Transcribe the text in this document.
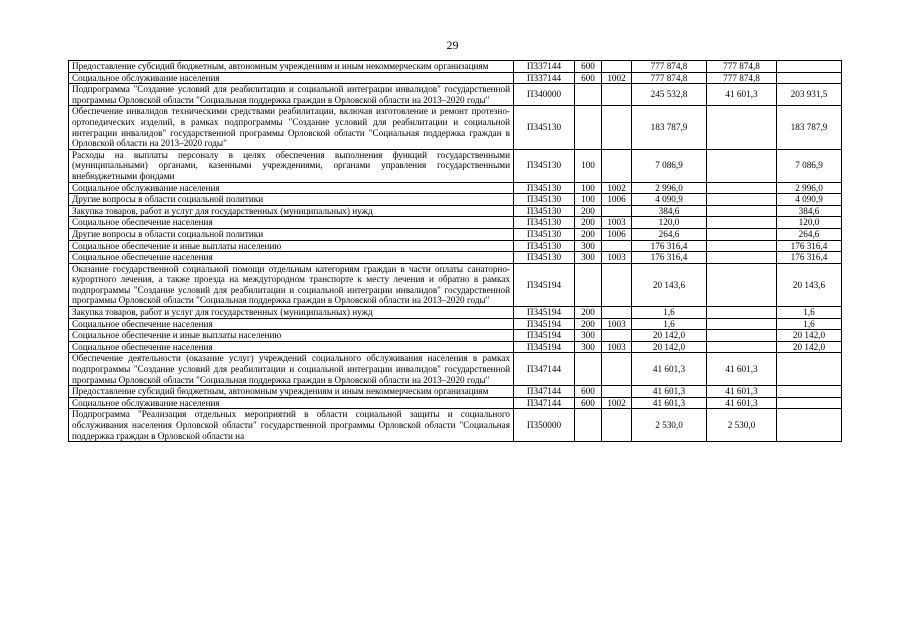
29
Предоставление субсидий бюджетным, автономным учреждениям и иным некоммерческим организациям	П337144	600		777 874,8	777 874,8	
Социальное обслуживание населения	П337144	600	1002	777 874,8	777 874,8	
Подпрограмма "Создание условий для реабилитации и социальной интеграции инвалидов" государственной программы Орловской области "Социальная поддержка граждан в Орловской области на 2013–2020 годы"	П340000			245 532,8	41 601,3	203 931,5
Обеспечение инвалидов техническими средствами реабилитации, включая изготовление и ремонт протезно-ортопедических изделий, в рамках подпрограммы "Создание условий для реабилитации и социальной интеграции инвалидов" государственной программы Орловской области "Социальная поддержка граждан в Орловской области на 2013–2020 годы"	П345130			183 787,9		183 787,9
Расходы на выплаты персоналу в целях обеспечения выполнения функций государственными (муниципальными) органами, казенными учреждениями, органами управления государственными внебюджетными фондами	П345130	100		7 086,9		7 086,9
Социальное обслуживание населения	П345130	100	1002	2 996,0		2 996,0
Другие вопросы в области социальной политики	П345130	100	1006	4 090,9		4 090,9
Закупка товаров, работ и услуг для государственных (муниципальных) нужд	П345130	200		384,6		384,6
Социальное обеспечение населения	П345130	200	1003	120,0		120,0
Другие вопросы в области социальной политики	П345130	200	1006	264,6		264,6
Социальное обеспечение и иные выплаты населению	П345130	300		176 316,4		176 316,4
Социальное обеспечение населения	П345130	300	1003	176 316,4		176 316,4
Оказание государственной социальной помощи отдельным категориям граждан в части оплаты санаторно-курортного лечения, а также проезда на междугородном транспорте к месту лечения и обратно в рамках подпрограммы "Создание условий для реабилитации и социальной интеграции инвалидов" государственной программы Орловской области "Социальная поддержка граждан в Орловской области на 2013–2020 годы"	П345194			20 143,6		20 143,6
Закупка товаров, работ и услуг для государственных (муниципальных) нужд	П345194	200		1,6		1,6
Социальное обеспечение населения	П345194	200	1003	1,6		1,6
Социальное обеспечение и иные выплаты населению	П345194	300		20 142,0		20 142,0
Социальное обеспечение населения	П345194	300	1003	20 142,0		20 142,0
Обеспечение деятельности (оказание услуг) учреждений социального обслуживания населения в рамках подпрограммы "Создание условий для реабилитации и социальной интеграции инвалидов" государственной программы Орловской области "Социальная поддержка граждан в Орловской области на 2013–2020 годы"	П347144			41 601,3	41 601,3	
Предоставление субсидий бюджетным, автономным учреждениям и иным некоммерческим организациям	П347144	600		41 601,3	41 601,3	
Социальное обслуживание населения	П347144	600	1002	41 601,3	41 601,3	
Подпрограмма "Реализация отдельных мероприятий в области социальной защиты и социального обслуживания населения Орловской области" государственной программы Орловской области "Социальная поддержка граждан в Орловской области на	П350000			2 530,0	2 530,0	
